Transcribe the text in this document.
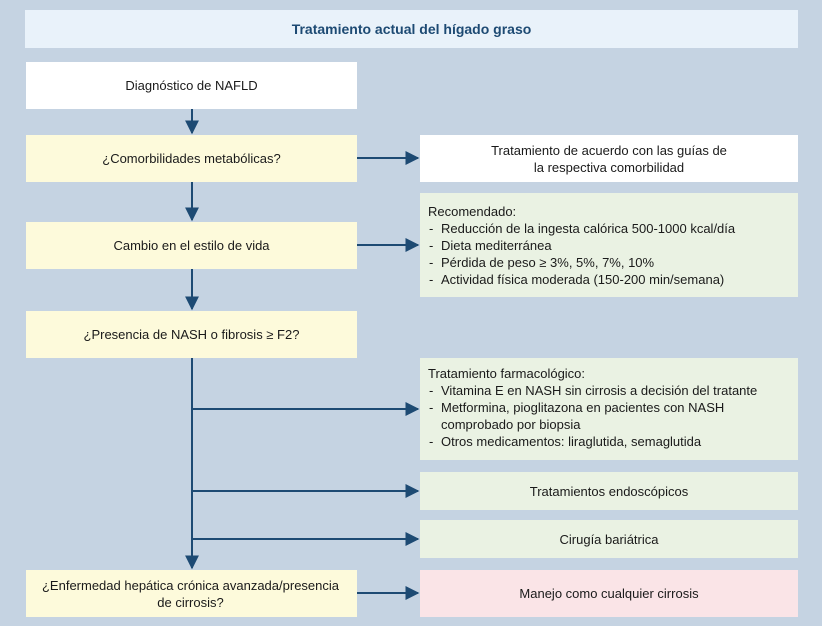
Tratamiento actual del hígado graso
Diagnóstico de NAFLD
¿Comorbilidades metabólicas?
Tratamiento de acuerdo con las guías de
la respectiva comorbilidad
Cambio en el estilo de vida
Recomendado:
- Reducción de la ingesta calórica 500-1000 kcal/día
- Dieta mediterránea
- Pérdida de peso ≥ 3%, 5%, 7%, 10%
- Actividad física moderada (150-200 min/semana)
¿Presencia de NASH o fibrosis ≥ F2?
Tratamiento farmacológico:
- Vitamina E en NASH sin cirrosis a decisión del tratante
- Metformina, pioglitazona en pacientes con NASH comprobado por biopsia
- Otros medicamentos: liraglutida, semaglutida
Tratamientos endoscópicos
Cirugía bariátrica
¿Enfermedad hepática crónica avanzada/presencia de cirrosis?
Manejo como cualquier cirrosis
